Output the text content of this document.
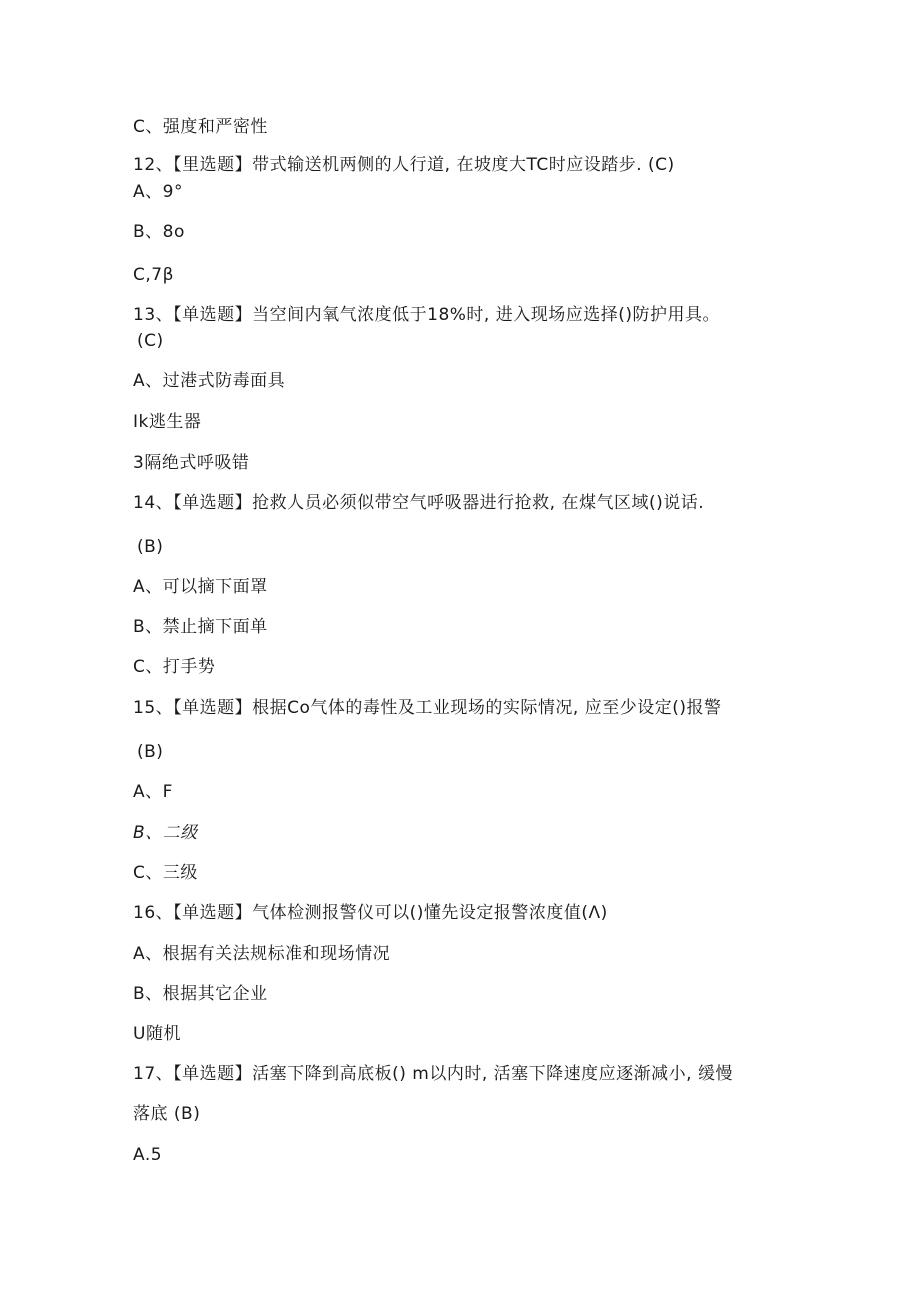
C、强度和严密性
12、【里选题】带式输送机两侧的人行道, 在坡度大TC时应设踏步. (C)
A、9°
B、8o
C,7β
13、【单选题】当空间内氧气浓度低于18%时, 进入现场应选择()防护用具。
(C)
A、过港式防毒面具
Ik逃生器
3隔绝式呼吸错
14、【单选题】抢救人员必须似带空气呼吸器进行抢救, 在煤气区域()说话.
(B)
A、可以摘下面罩
B、禁止摘下面单
C、打手势
15、【单选题】根据Co气体的毒性及工业现场的实际情况, 应至少设定()报警
(B)
A、F
B、二级
C、三级
16、【单选题】气体检测报警仪可以()懂先设定报警浓度值(Λ)
A、根据有关法规标准和现场情况
B、根据其它企业
U随机
17、【单选题】活塞下降到高底板() m以内时, 活塞下降速度应逐渐减小, 缓慢
落底 (B)
A.5
